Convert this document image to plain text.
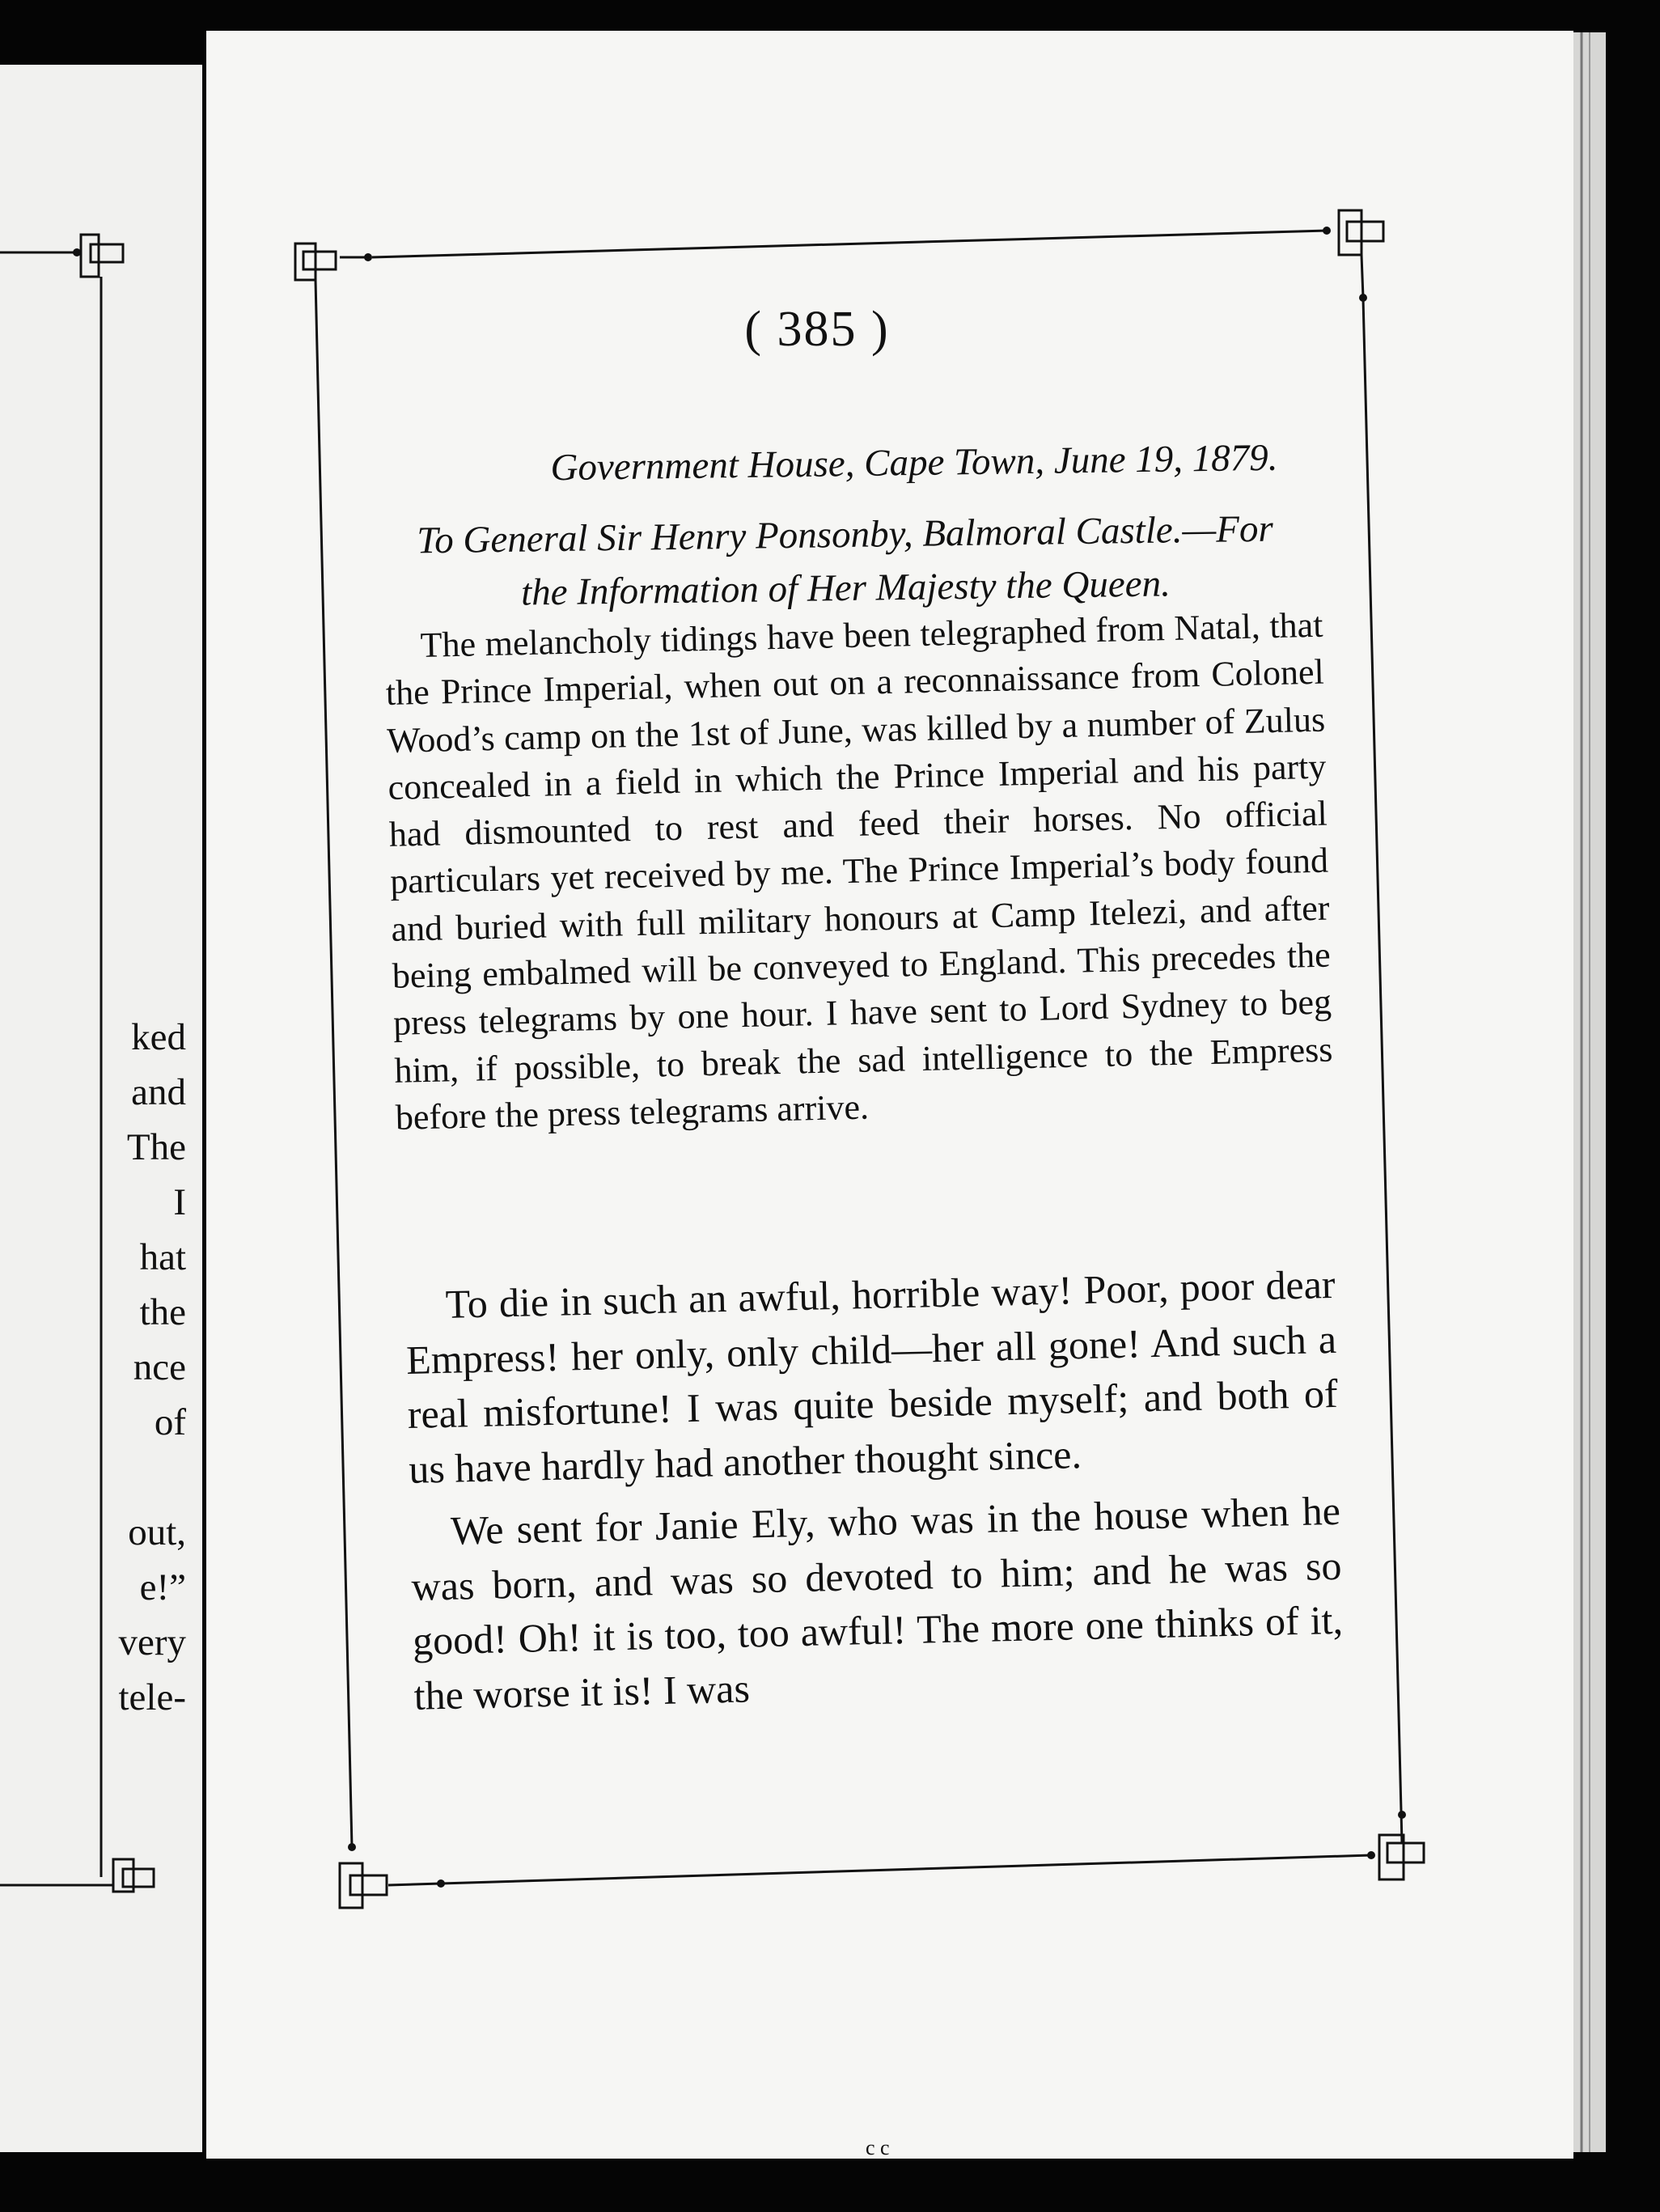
ked
and
The
I
hat
the
nce
of
out,
e!”
very
tele-
( 385 )
Government House, Cape Town, June 19, 1879.
To General Sir Henry Ponsonby, Balmoral Castle.—For
the Information of Her Majesty the Queen.
The melancholy tidings have been telegraphed from Natal, that the Prince Imperial, when out on a reconnaissance from Colonel Wood’s camp on the 1st of June, was killed by a number of Zulus concealed in a field in which the Prince Imperial and his party had dismounted to rest and feed their horses. No official particulars yet received by me. The Prince Imperial’s body found and buried with full military honours at Camp Itelezi, and after being embalmed will be conveyed to England. This precedes the press telegrams by one hour. I have sent to Lord Sydney to beg him, if possible, to break the sad intelligence to the Empress before the press telegrams arrive.

To die in such an awful, horrible way! Poor, poor dear Empress! her only, only child—her all gone! And such a real misfortune! I was quite beside myself; and both of us have hardly had another thought since.

We sent for Janie Ely, who was in the house when he was born, and was so devoted to him; and he was so good! Oh! it is too, too awful! The more one thinks of it, the worse it is! I was

c c
